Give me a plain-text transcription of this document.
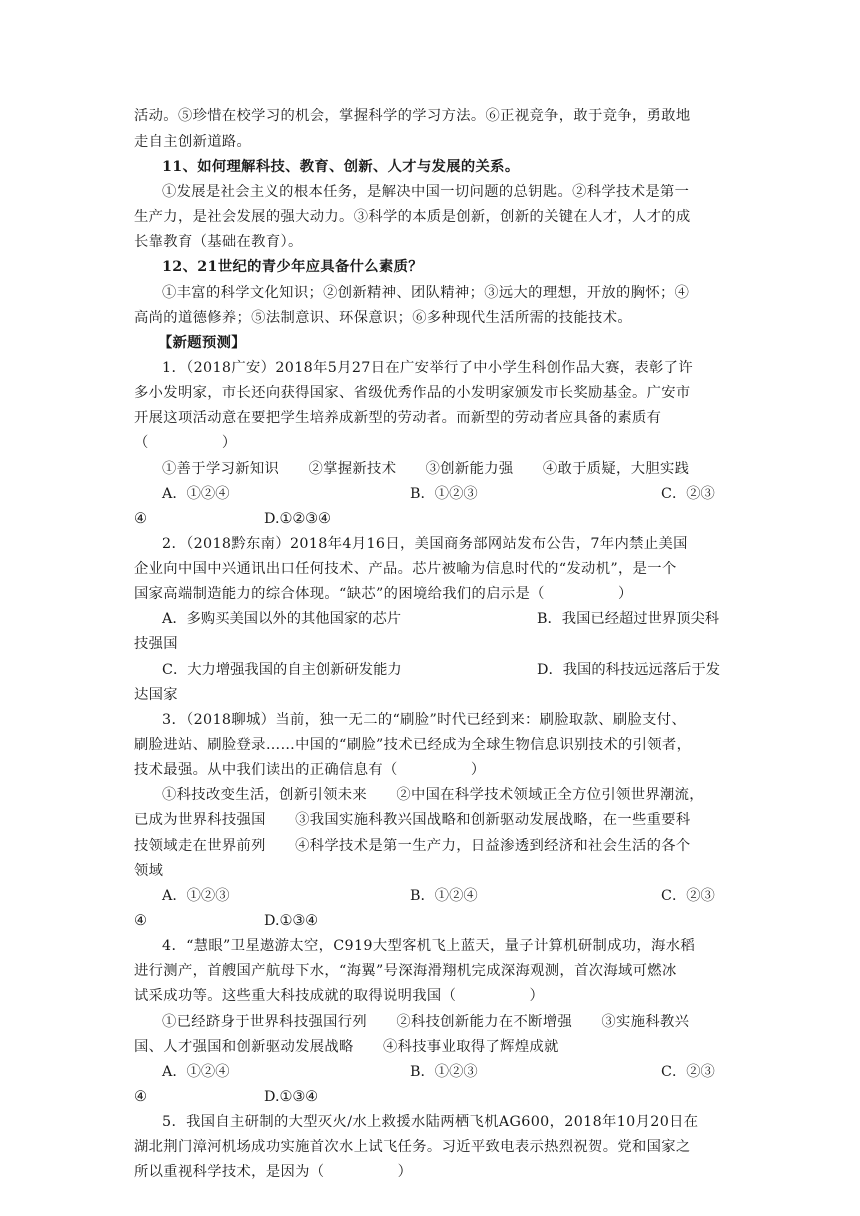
活动。⑤珍惜在校学习的机会，掌握科学的学习方法。⑥正视竞争，敢于竞争，勇敢地
走自主创新道路。
11、如何理解科技、教育、创新、人才与发展的关系。
①发展是社会主义的根本任务，是解决中国一切问题的总钥匙。②科学技术是第一
生产力，是社会发展的强大动力。③科学的本质是创新，创新的关键在人才，人才的成
长靠教育（基础在教育）。
12、21世纪的青少年应具备什么素质？
①丰富的科学文化知识；②创新精神、团队精神；③远大的理想，开放的胸怀；④
高尚的道德修养；⑤法制意识、环保意识；⑥多种现代生活所需的技能技术。
【新题预测】
1．（2018广安）2018年5月27日在广安举行了中小学生科创作品大赛，表彰了许
多小发明家，市长还向获得国家、省级优秀作品的小发明家颁发市长奖励基金。广安市
开展这项活动意在要把学生培养成新型的劳动者。而新型的劳动者应具备的素质有
（　　　　　）
①善于学习新知识　　②掌握新技术　　③创新能力强　　④敢于质疑，大胆实践
A．①②④	B．①②③	C．②③
④	D.①②③④
2．（2018黔东南）2018年4月16日，美国商务部网站发布公告，7年内禁止美国
企业向中国中兴通讯出口任何技术、产品。芯片被喻为信息时代的“发动机”，是一个
国家高端制造能力的综合体现。“缺芯”的困境给我们的启示是（　　　　　）
A．多购买美国以外的其他国家的芯片	B．我国已经超过世界顶尖科
技强国
C．大力增强我国的自主创新研发能力	D．我国的科技远远落后于发
达国家
3．（2018聊城）当前，独一无二的“刷脸”时代已经到来：刷脸取款、刷脸支付、
刷脸进站、刷脸登录……中国的“刷脸”技术已经成为全球生物信息识别技术的引领者，
技术最强。从中我们读出的正确信息有（　　　　　）
①科技改变生活，创新引领未来　　②中国在科学技术领域正全方位引领世界潮流，
已成为世界科技强国　　③我国实施科教兴国战略和创新驱动发展战略，在一些重要科
技领域走在世界前列　　④科学技术是第一生产力，日益渗透到经济和社会生活的各个
领域
A．①②③	B．①②④	C．②③
④	D.①③④
4．“慧眼”卫星遨游太空，C919大型客机飞上蓝天，量子计算机研制成功，海水稻
进行测产，首艘国产航母下水，“海翼”号深海滑翔机完成深海观测，首次海域可燃冰
试采成功等。这些重大科技成就的取得说明我国（　　　　　）
①已经跻身于世界科技强国行列　　②科技创新能力在不断增强　　③实施科教兴
国、人才强国和创新驱动发展战略　　④科技事业取得了辉煌成就
A．①②④	B．①②③	C．②③
④	D.①③④
5．我国自主研制的大型灭火/水上救援水陆两栖飞机AG600，2018年10月20日在
湖北荆门漳河机场成功实施首次水上试飞任务。习近平致电表示热烈祝贺。党和国家之
所以重视科学技术，是因为（　　　　　）
